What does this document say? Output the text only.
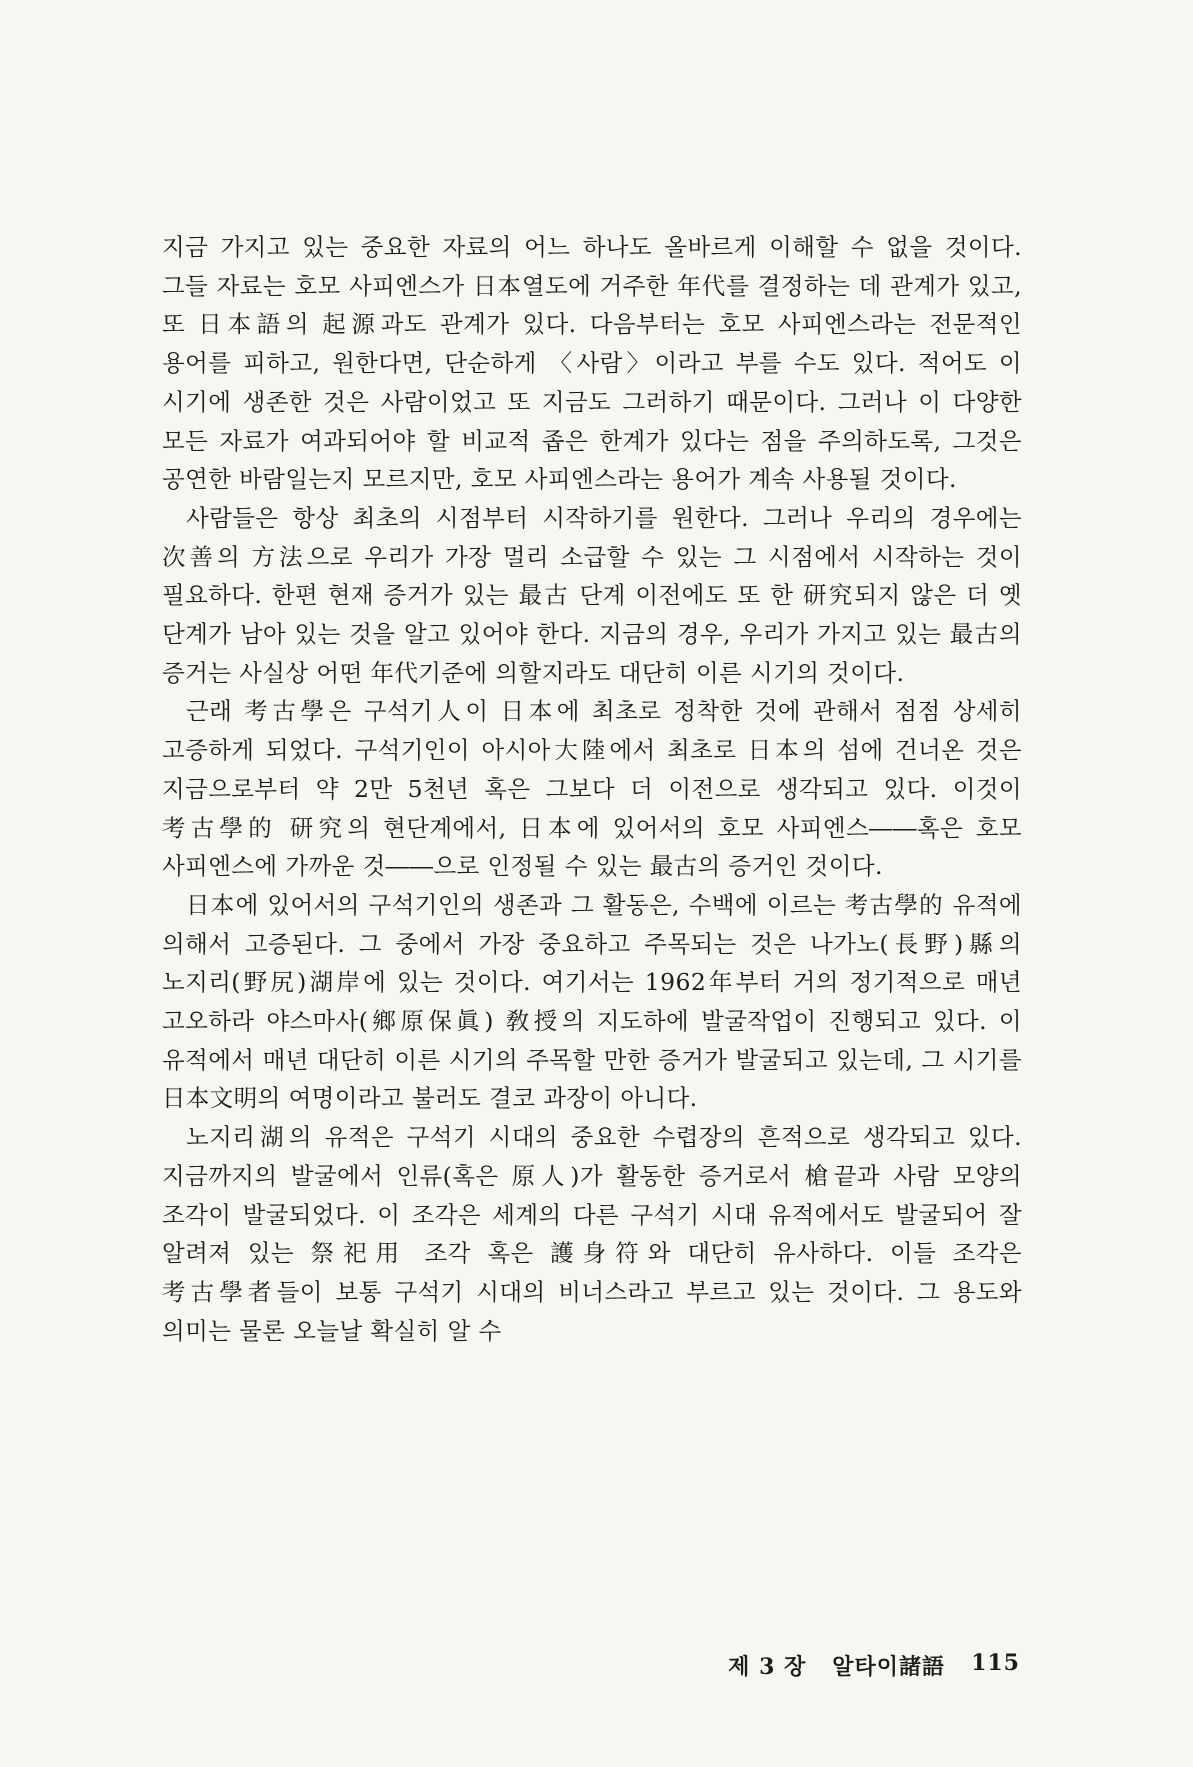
지금 가지고 있는 중요한 자료의 어느 하나도 올바르게 이해할 수 없을 것이다. 그들 자료는 호모 사피엔스가 日本열도에 거주한 年代를 결정하는 데 관계가 있고, 또 日本語의 起源과도 관계가 있다. 다음부터는 호모 사피엔스라는 전문적인 용어를 피하고, 원한다면, 단순하게 〈사람〉이라고 부를 수도 있다. 적어도 이 시기에 생존한 것은 사람이었고 또 지금도 그러하기 때문이다. 그러나 이 다양한 모든 자료가 여과되어야 할 비교적 좁은 한계가 있다는 점을 주의하도록, 그것은 공연한 바람일는지 모르지만, 호모 사피엔스라는 용어가 계속 사용될 것이다.

사람들은 항상 최초의 시점부터 시작하기를 원한다. 그러나 우리의 경우에는 次善의 方法으로 우리가 가장 멀리 소급할 수 있는 그 시점에서 시작하는 것이 필요하다. 한편 현재 증거가 있는 最古 단계 이전에도 또 한 研究되지 않은 더 옛 단계가 남아 있는 것을 알고 있어야 한다. 지금의 경우, 우리가 가지고 있는 最古의 증거는 사실상 어떤 年代기준에 의할지라도 대단히 이른 시기의 것이다.

근래 考古學은 구석기人이 日本에 최초로 정착한 것에 관해서 점점 상세히 고증하게 되었다. 구석기인이 아시아大陸에서 최초로 日本의 섬에 건너온 것은 지금으로부터 약 2만 5천년 혹은 그보다 더 이전으로 생각되고 있다. 이것이 考古學的 研究의 현단계에서, 日本에 있어서의 호모 사피엔스――혹은 호모 사피엔스에 가까운 것――으로 인정될 수 있는 最古의 증거인 것이다.

日本에 있어서의 구석기인의 생존과 그 활동은, 수백에 이르는 考古學的 유적에 의해서 고증된다. 그 중에서 가장 중요하고 주목되는 것은 나가노(長野)縣의 노지리(野尻)湖岸에 있는 것이다. 여기서는 1962年부터 거의 정기적으로 매년 고오하라 야스마사(鄉原保眞) 敎授의 지도하에 발굴작업이 진행되고 있다. 이 유적에서 매년 대단히 이른 시기의 주목할 만한 증거가 발굴되고 있는데, 그 시기를 日本文明의 여명이라고 불러도 결코 과장이 아니다.

노지리湖의 유적은 구석기 시대의 중요한 수렵장의 흔적으로 생각되고 있다. 지금까지의 발굴에서 인류(혹은 原人)가 활동한 증거로서 槍끝과 사람 모양의 조각이 발굴되었다. 이 조각은 세계의 다른 구석기 시대 유적에서도 발굴되어 잘 알려져 있는 祭祀用 조각 혹은 護身符와 대단히 유사하다. 이들 조각은 考古學者들이 보통 구석기 시대의 비너스라고 부르고 있는 것이다. 그 용도와 의미는 물론 오늘날 확실히 알 수

제 3 장 알타이諸語 115
